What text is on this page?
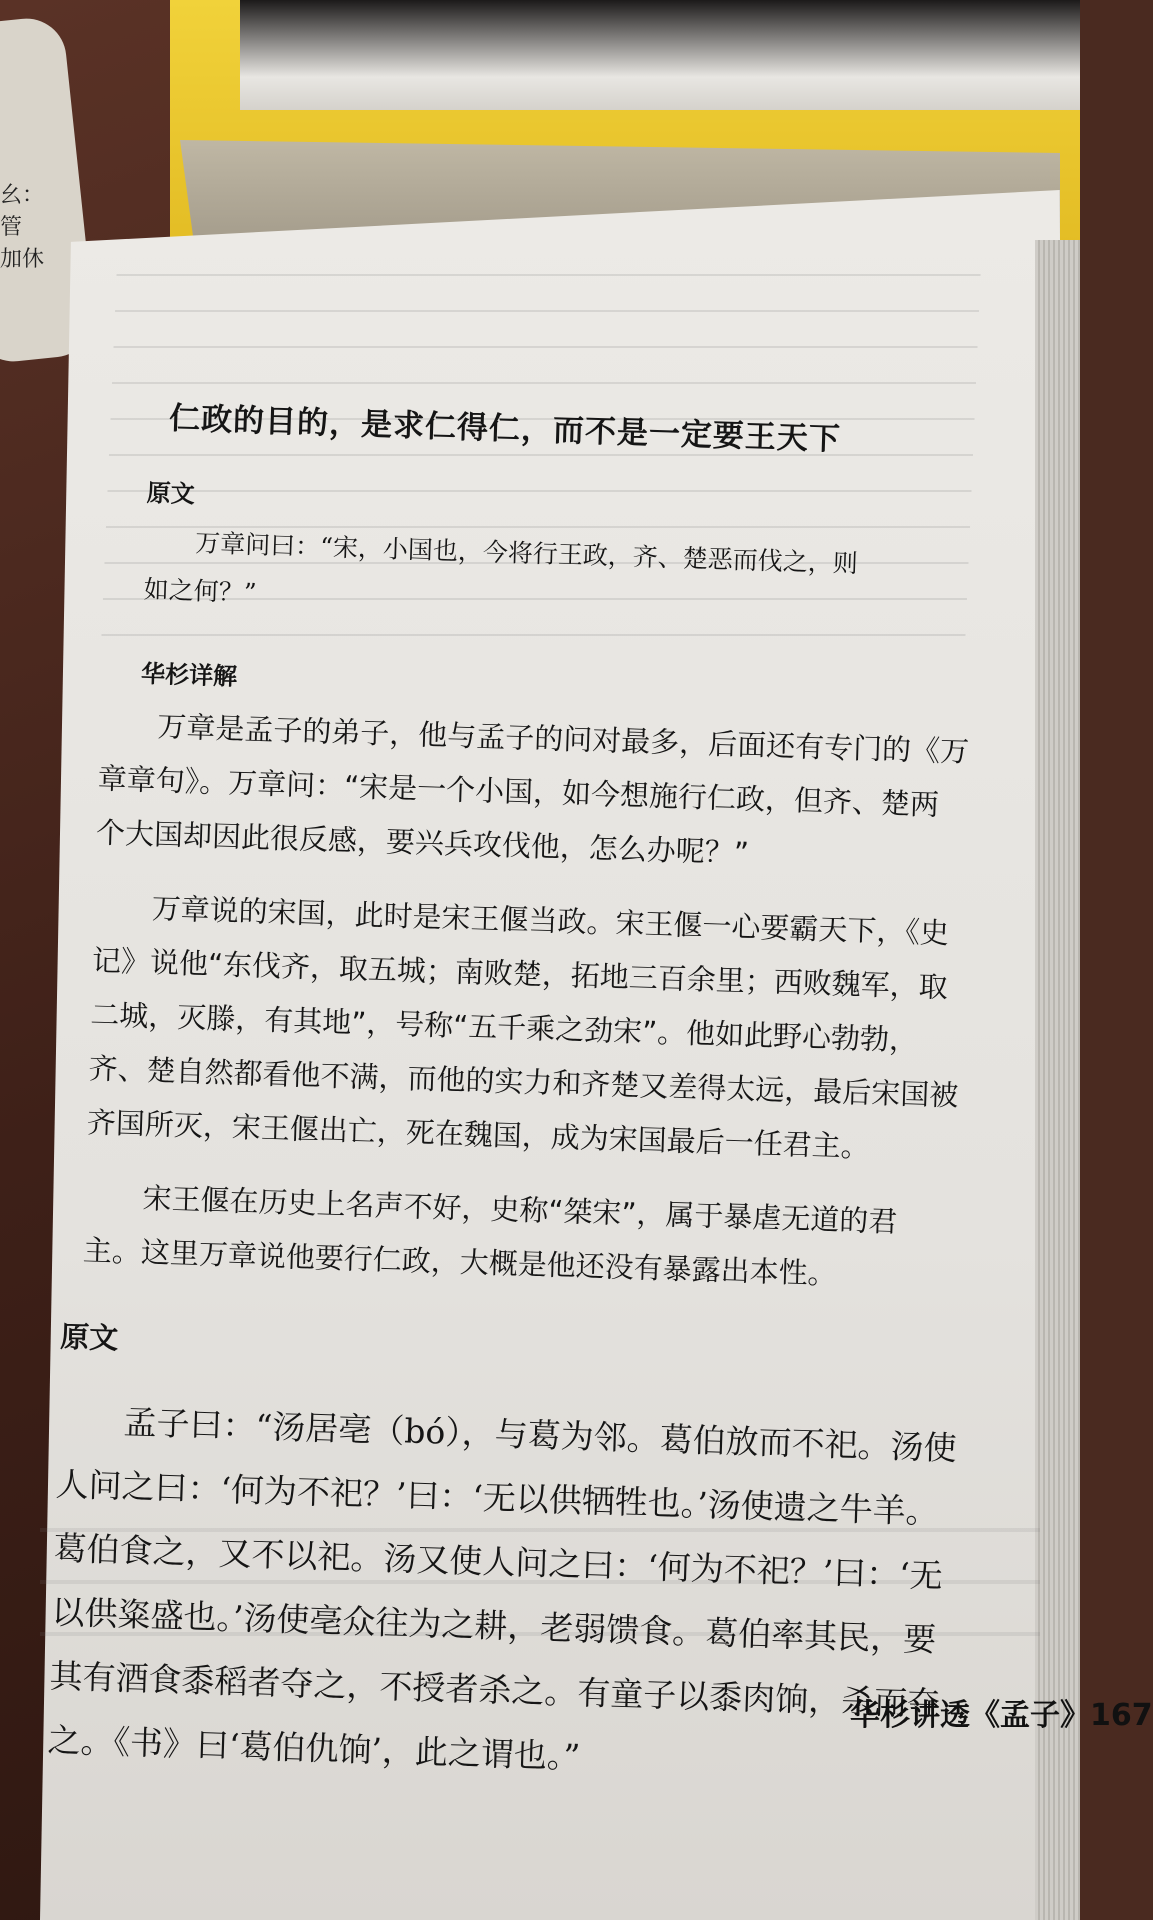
幺：
管
加休
仁政的目的，是求仁得仁，而不是一定要王天下
原文
万章问曰：“宋，小国也，今将行王政，齐、楚恶而伐之，则如之何？”
华杉详解

万章是孟子的弟子，他与孟子的问对最多，后面还有专门的《万章章句》。万章问：“宋是一个小国，如今想施行仁政，但齐、楚两个大国却因此很反感，要兴兵攻伐他，怎么办呢？”

万章说的宋国，此时是宋王偃当政。宋王偃一心要霸天下，《史记》说他“东伐齐，取五城；南败楚，拓地三百余里；西败魏军，取二城，灭滕，有其地”，号称“五千乘之劲宋”。他如此野心勃勃，齐、楚自然都看他不满，而他的实力和齐楚又差得太远，最后宋国被齐国所灭，宋王偃出亡，死在魏国，成为宋国最后一任君主。

宋王偃在历史上名声不好，史称“桀宋”，属于暴虐无道的君主。这里万章说他要行仁政，大概是他还没有暴露出本性。

原文

孟子曰：“汤居亳（bó），与葛为邻。葛伯放而不祀。汤使人问之曰：‘何为不祀？’曰：‘无以供牺牲也。’汤使遗之牛羊。葛伯食之，又不以祀。汤又使人问之曰：‘何为不祀？’曰：‘无以供粢盛也。’汤使亳众往为之耕，老弱馈食。葛伯率其民，要其有酒食黍稻者夺之，不授者杀之。有童子以黍肉饷，杀而夺之。《书》曰‘葛伯仇饷’，此之谓也。”

华杉讲透《孟子》167
